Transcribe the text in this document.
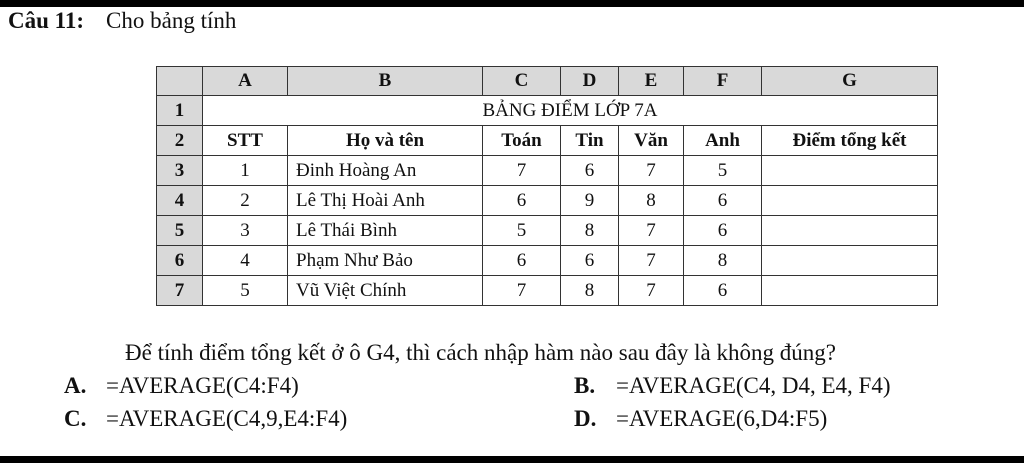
Câu 11: Cho bảng tính
	A	B	C	D	E	F	G
1	BẢNG ĐIỂM LỚP 7A						
2	STT	Họ và tên	Toán	Tin	Văn	Anh	Điểm tổng kết
3	1	Đinh Hoàng An	7	6	7	5	
4	2	Lê Thị Hoài Anh	6	9	8	6	
5	3	Lê Thái Bình	5	8	7	6	
6	4	Phạm Như Bảo	6	6	7	8	
7	5	Vũ Việt Chính	7	8	7	6	
Để tính điểm tổng kết ở ô G4, thì cách nhập hàm nào sau đây là không đúng?
A. =AVERAGE(C4:F4)	B. =AVERAGE(C4, D4, E4, F4)
C. =AVERAGE(C4,9,E4:F4)	D. =AVERAGE(6,D4:F5)
